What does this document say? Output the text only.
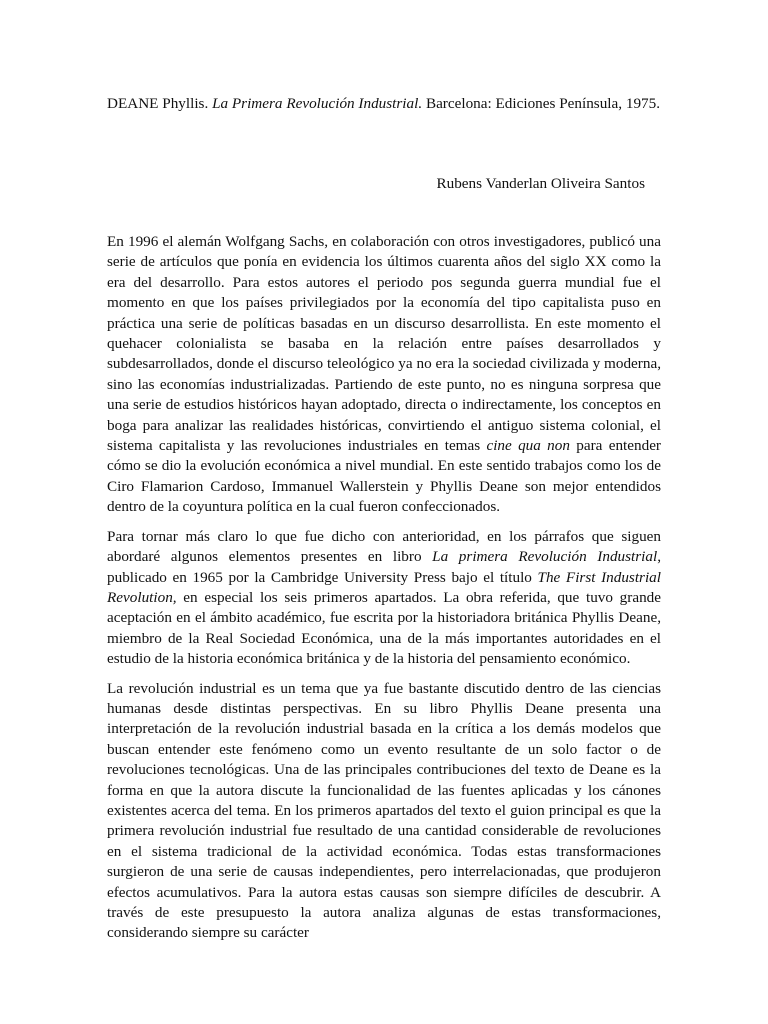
DEANE Phyllis. La Primera Revolución Industrial. Barcelona: Ediciones Península, 1975.
Rubens Vanderlan Oliveira Santos

En 1996 el alemán Wolfgang Sachs, en colaboración con otros investigadores, publicó una serie de artículos que ponía en evidencia los últimos cuarenta años del siglo XX como la era del desarrollo. Para estos autores el periodo pos segunda guerra mundial fue el momento en que los países privilegiados por la economía del tipo capitalista puso en práctica una serie de políticas basadas en un discurso desarrollista. En este momento el quehacer colonialista se basaba en la relación entre países desarrollados y subdesarrollados, donde el discurso teleológico ya no era la sociedad civilizada y moderna, sino las economías industrializadas. Partiendo de este punto, no es ninguna sorpresa que una serie de estudios históricos hayan adoptado, directa o indirectamente, los conceptos en boga para analizar las realidades históricas, convirtiendo el antiguo sistema colonial, el sistema capitalista y las revoluciones industriales en temas cine qua non para entender cómo se dio la evolución económica a nivel mundial. En este sentido trabajos como los de Ciro Flamarion Cardoso, Immanuel Wallerstein y Phyllis Deane son mejor entendidos dentro de la coyuntura política en la cual fueron confeccionados.

Para tornar más claro lo que fue dicho con anterioridad, en los párrafos que siguen abordaré algunos elementos presentes en libro La primera Revolución Industrial, publicado en 1965 por la Cambridge University Press bajo el título The First Industrial Revolution, en especial los seis primeros apartados. La obra referida, que tuvo grande aceptación en el ámbito académico, fue escrita por la historiadora británica Phyllis Deane, miembro de la Real Sociedad Económica, una de la más importantes autoridades en el estudio de la historia económica británica y de la historia del pensamiento económico.

La revolución industrial es un tema que ya fue bastante discutido dentro de las ciencias humanas desde distintas perspectivas. En su libro Phyllis Deane presenta una interpretación de la revolución industrial basada en la crítica a los demás modelos que buscan entender este fenómeno como un evento resultante de un solo factor o de revoluciones tecnológicas. Una de las principales contribuciones del texto de Deane es la forma en que la autora discute la funcionalidad de las fuentes aplicadas y los cánones existentes acerca del tema. En los primeros apartados del texto el guion principal es que la primera revolución industrial fue resultado de una cantidad considerable de revoluciones en el sistema tradicional de la actividad económica. Todas estas transformaciones surgieron de una serie de causas independientes, pero interrelacionadas, que produjeron efectos acumulativos. Para la autora estas causas son siempre difíciles de descubrir. A través de este presupuesto la autora analiza algunas de estas transformaciones, considerando siempre su carácter
